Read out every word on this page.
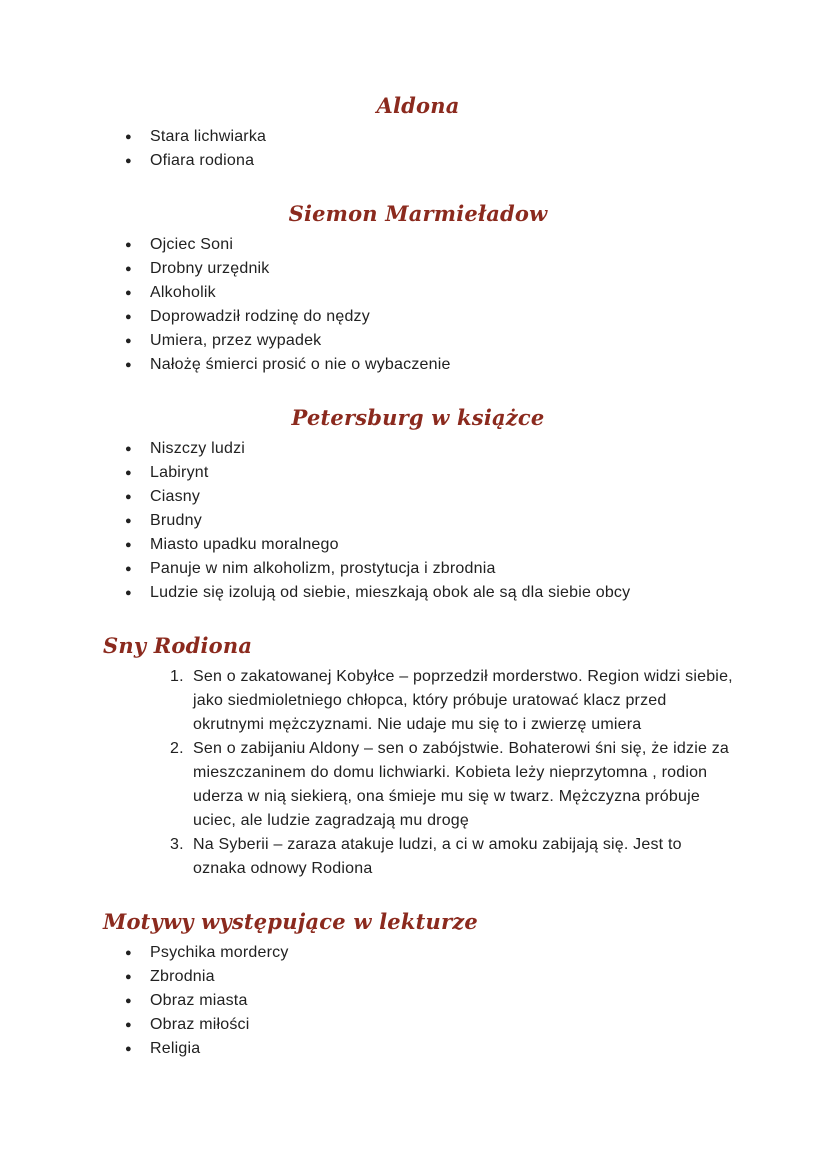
Aldona
● Stara lichwiarka
● Ofiara rodiona
Siemon Marmieładow
● Ojciec Soni
● Drobny urzędnik
● Alkoholik
● Doprowadził rodzinę do nędzy
● Umiera, przez wypadek
● Nałożę śmierci prosić o nie o wybaczenie
Petersburg w książce
● Niszczy ludzi
● Labirynt
● Ciasny
● Brudny
● Miasto upadku moralnego
● Panuje w nim alkoholizm, prostytucja i zbrodnia
● Ludzie się izolują od siebie, mieszkają obok ale są dla siebie obcy
Sny Rodiona
Sen o zakatowanej Kobyłce – poprzedził morderstwo. Region widzi siebie, jako siedmioletniego chłopca, który próbuje uratować klacz przed okrutnymi mężczyznami. Nie udaje mu się to i zwierzę umiera
Sen o zabijaniu Aldony – sen o zabójstwie. Bohaterowi śni się, że idzie za mieszczaninem do domu lichwiarki. Kobieta leży nieprzytomna , rodion uderza w nią siekierą, ona śmieje mu się w twarz. Mężczyzna próbuje uciec, ale ludzie zagradzają mu drogę
Na Syberii – zaraza atakuje ludzi, a ci w amoku zabijają się. Jest to oznaka odnowy Rodiona
Motywy występujące w lekturze
● Psychika mordercy
● Zbrodnia
● Obraz miasta
● Obraz miłości
● Religia
